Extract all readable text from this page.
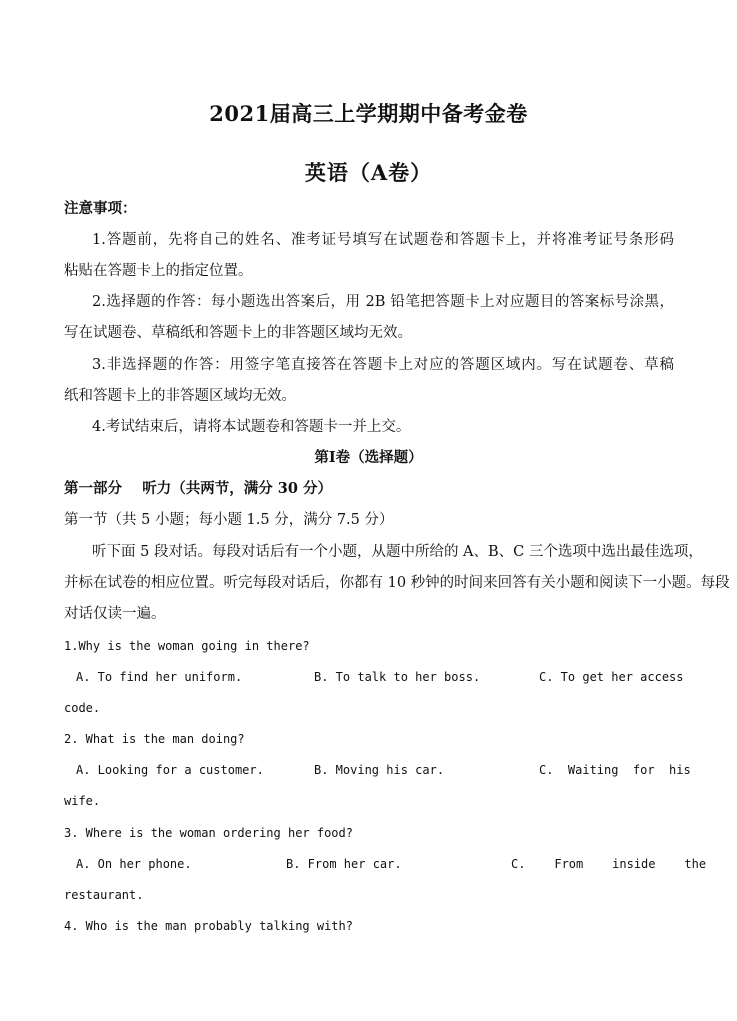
2021届高三上学期期中备考金卷
英语（A卷）
注意事项：
1.答题前，先将自己的姓名、准考证号填写在试题卷和答题卡上，并将准考证号条形码
粘贴在答题卡上的指定位置。
2.选择题的作答：每小题选出答案后，用 2B 铅笔把答题卡上对应题目的答案标号涂黑，
写在试题卷、草稿纸和答题卡上的非答题区域均无效。
3.非选择题的作答：用签字笔直接答在答题卡上对应的答题区域内。写在试题卷、草稿
纸和答题卡上的非答题区域均无效。
4.考试结束后，请将本试题卷和答题卡一并上交。
第Ⅰ卷（选择题）
第一部分    听力（共两节，满分 30 分）
第一节（共 5 小题；每小题 1.5 分，满分 7.5 分）
听下面 5 段对话。每段对话后有一个小题，从题中所给的 A、B、C 三个选项中选出最佳选项，
并标在试卷的相应位置。听完每段对话后，你都有 10 秒钟的时间来回答有关小题和阅读下一小题。每段
对话仅读一遍。
1.Why is the woman going in there?
A. To find her uniform.	B. To talk to her boss.	C. To get her access
code.
2. What is the man doing?
A. Looking for a customer.	B. Moving his car.	C.  Waiting  for  his
wife.
3. Where is the woman ordering her food?
A. On her phone.	B. From her car.	C.    From    inside    the
restaurant.
4. Who is the man probably talking with?
